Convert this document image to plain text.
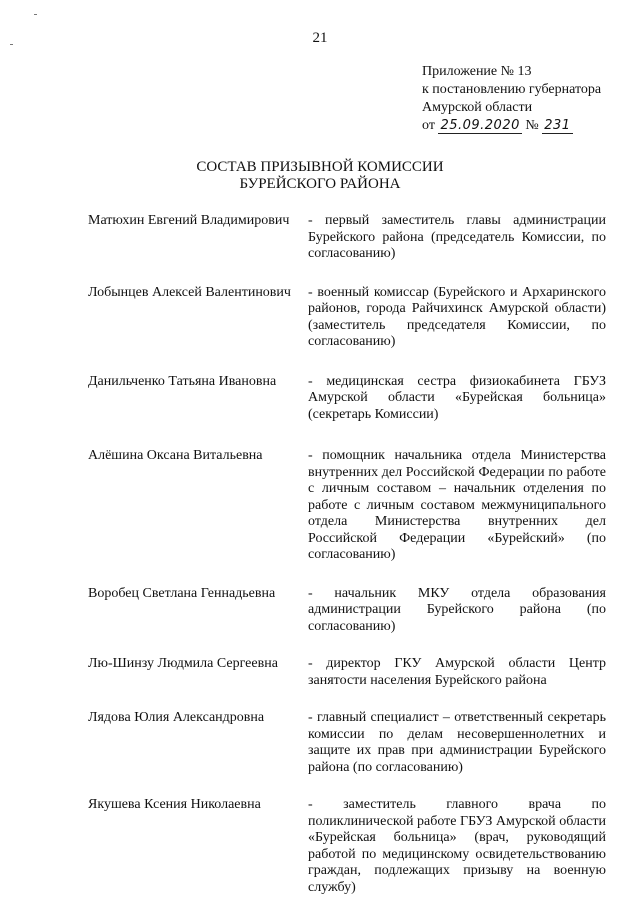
21
Приложение № 13
к постановлению губернатора
Амурской области
от 25.09.2020 № 231
СОСТАВ ПРИЗЫВНОЙ КОМИССИИ
БУРЕЙСКОГО РАЙОНА
Матюхин Евгений Владимирович	- первый заместитель главы администрации Бурейского района (председатель Комиссии, по согласованию)
Лобынцев Алексей Валентинович	- военный комиссар (Бурейского и Архаринского районов, города Райчихинск Амурской области) (заместитель председателя Комиссии, по согласованию)
Данильченко Татьяна Ивановна	- медицинская сестра физиокабинета ГБУЗ Амурской области «Бурейская больница» (секретарь Комиссии)
Алёшина Оксана Витальевна	- помощник начальника отдела Министерства внутренних дел Российской Федерации по работе с личным составом – начальник отделения по работе с личным составом межмуниципального отдела Министерства внутренних дел Российской Федерации «Бурейский» (по согласованию)
Воробец Светлана Геннадьевна	- начальник МКУ отдела образования администрации Бурейского района (по согласованию)
Лю-Шинзу Людмила Сергеевна	- директор ГКУ Амурской области Центр занятости населения Бурейского района
Лядова Юлия Александровна	- главный специалист – ответственный секретарь комиссии по делам несовершеннолетних и защите их прав при администрации Бурейского района (по согласованию)
Якушева Ксения Николаевна	- заместитель главного врача по поликлинической работе ГБУЗ Амурской области «Бурейская больница» (врач, руководящий работой по медицинскому освидетельствованию граждан, подлежащих призыву на военную службу)
